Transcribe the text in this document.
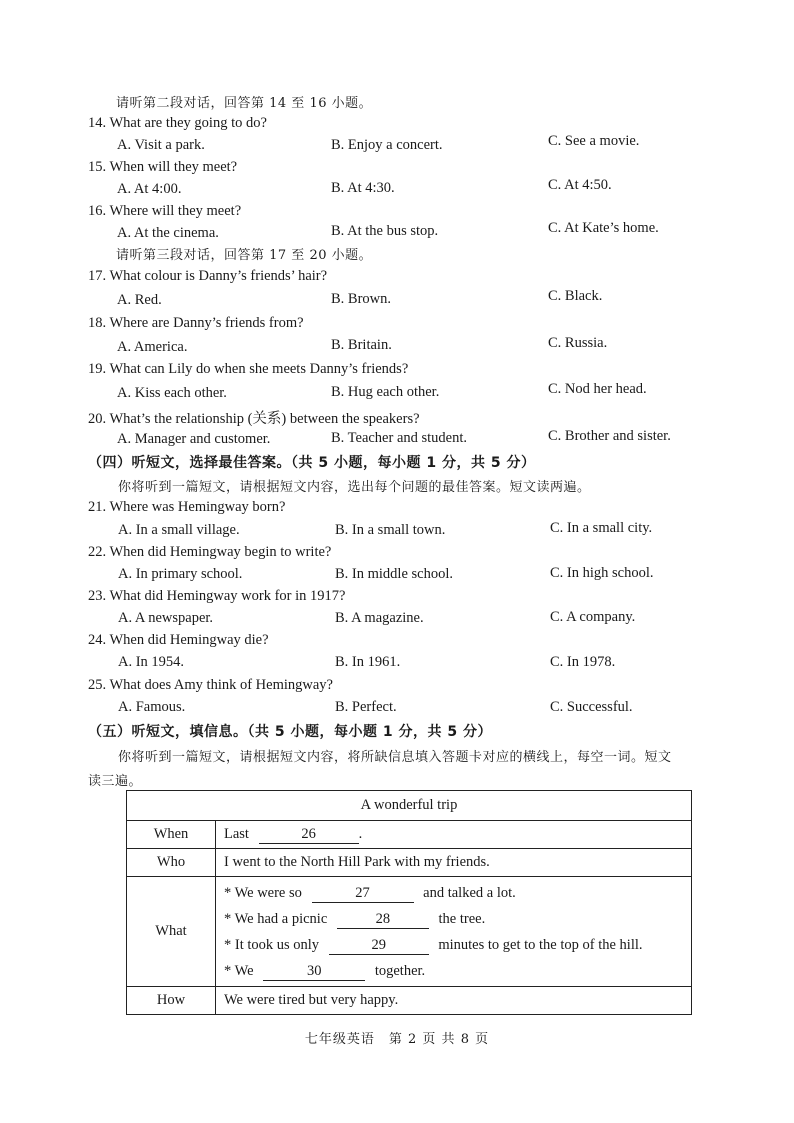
请听第二段对话，回答第 14 至 16 小题。
14. What are they going to do?
A. Visit a park.	B. Enjoy a concert.	C. See a movie.
15. When will they meet?
A. At 4:00.	B. At 4:30.	C. At 4:50.
16. Where will they meet?
A. At the cinema.	B. At the bus stop.	C. At Kate’s home.
请听第三段对话，回答第 17 至 20 小题。
17. What colour is Danny’s friends’ hair?
A. Red.	B. Brown.	C. Black.
18. Where are Danny’s friends from?
A. America.	B. Britain.	C. Russia.
19. What can Lily do when she meets Danny’s friends?
A. Kiss each other.	B. Hug each other.	C. Nod her head.
20. What’s the relationship (关系) between the speakers?
A. Manager and customer.	B. Teacher and student.	C. Brother and sister.
（四）听短文，选择最佳答案。（共 5 小题，每小题 1 分，共 5 分）
你将听到一篇短文，请根据短文内容，选出每个问题的最佳答案。短文读两遍。
21. Where was Hemingway born?
A. In a small village.	B. In a small town.	C. In a small city.
22. When did Hemingway begin to write?
A. In primary school.	B. In middle school.	C. In high school.
23. What did Hemingway work for in 1917?
A. A newspaper.	B. A magazine.	C. A company.
24. When did Hemingway die?
A. In 1954.	B. In 1961.	C. In 1978.
25. What does Amy think of Hemingway?
A. Famous.	B. Perfect.	C. Successful.
（五）听短文，填信息。（共 5 小题，每小题 1 分，共 5 分）
你将听到一篇短文，请根据短文内容，将所缺信息填入答题卡对应的横线上，每空一词。短文
读三遍。
A wonderful trip	
When	Last 26 .
Who	I went to the North Hill Park with my friends.
What	* We were so 27 and talked a lot.
* We had a picnic 28 the tree.
* It took us only 29 minutes to get to the top of the hill.
* We 30 together.

How	We were tired but very happy.
七年级英语　第 2 页 共 8 页
